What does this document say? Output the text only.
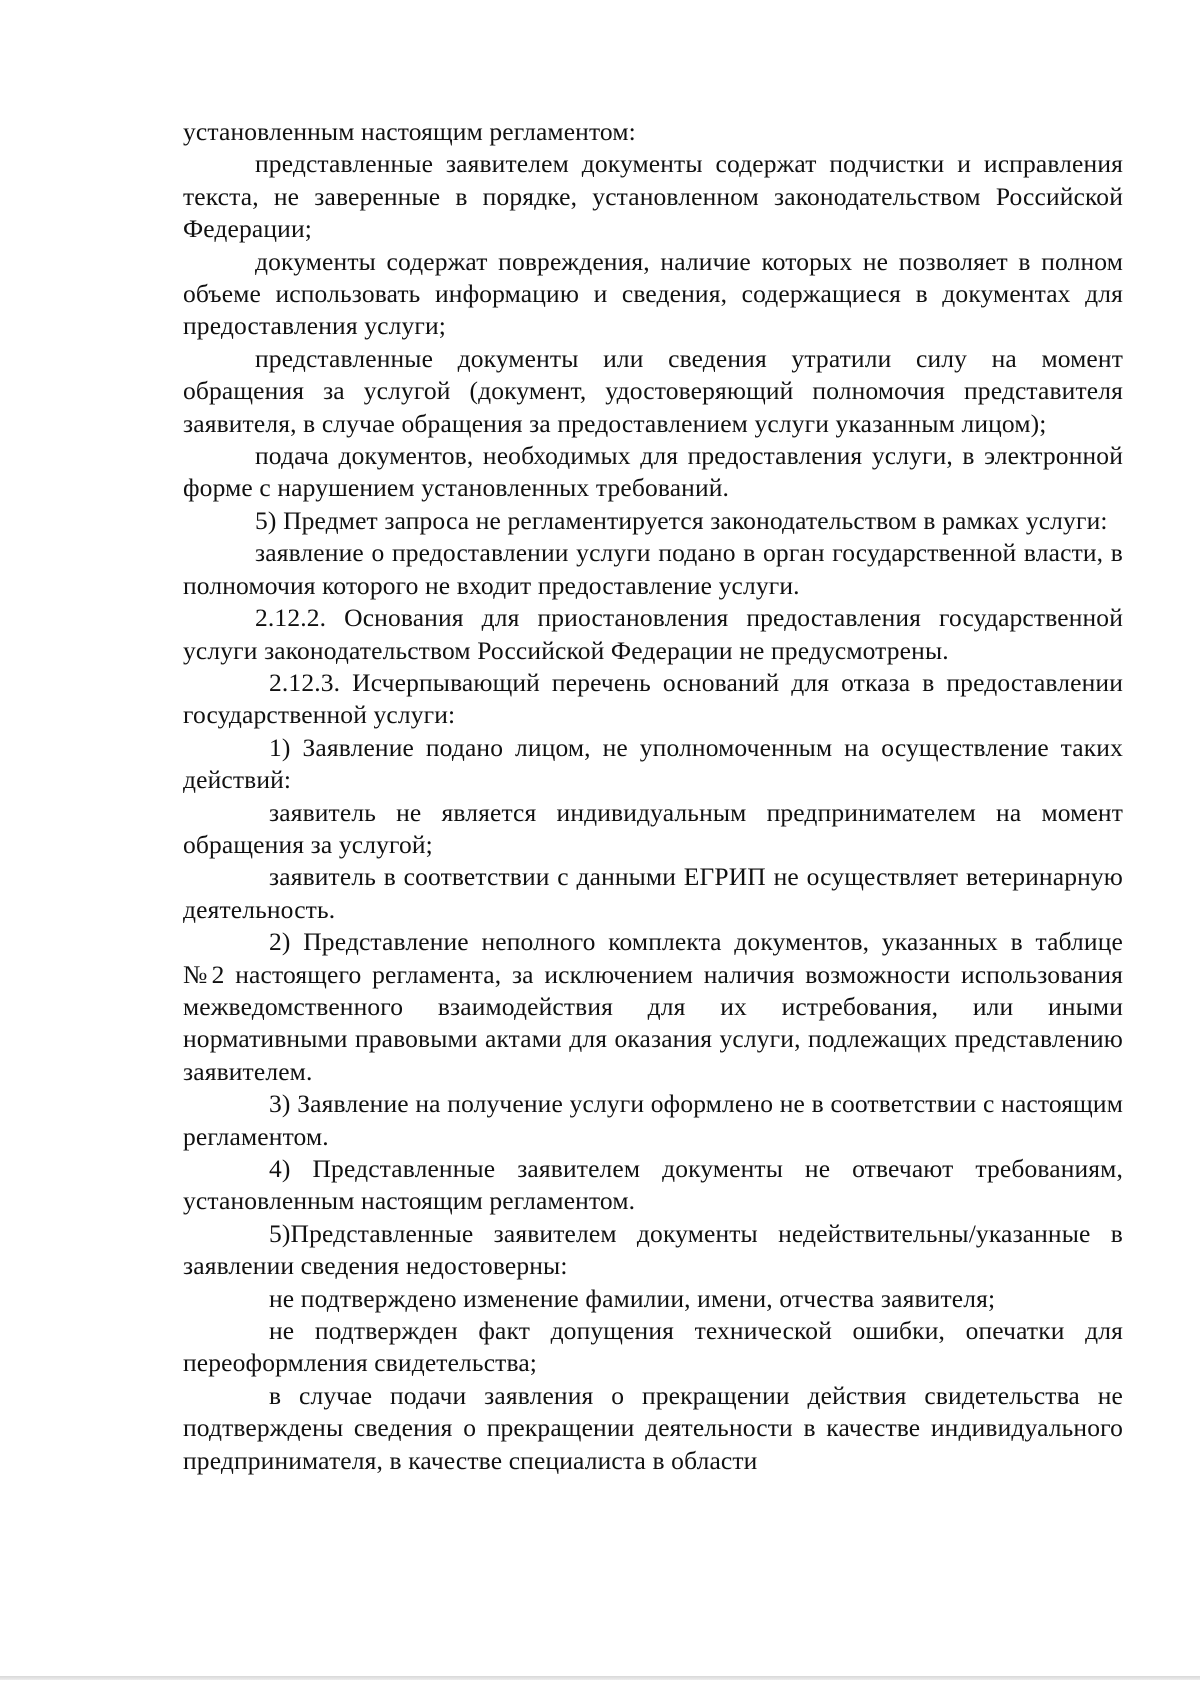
установленным настоящим регламентом:

представленные заявителем документы содержат подчистки и исправления текста, не заверенные в порядке, установленном законодательством Российской Федерации;

документы содержат повреждения, наличие которых не позволяет в полном объеме использовать информацию и сведения, содержащиеся в документах для предоставления услуги;

представленные документы или сведения утратили силу на момент обращения за услугой (документ, удостоверяющий полномочия представителя заявителя, в случае обращения за предоставлением услуги указанным лицом);

подача документов, необходимых для предоставления услуги, в электронной форме с нарушением установленных требований.

5) Предмет запроса не регламентируется законодательством в рамках услуги:

заявление о предоставлении услуги подано в орган государственной власти, в полномочия которого не входит предоставление услуги.

2.12.2. Основания для приостановления предоставления государственной услуги законодательством Российской Федерации не предусмотрены.

2.12.3. Исчерпывающий перечень оснований для отказа в предоставлении государственной услуги:

1) Заявление подано лицом, не уполномоченным на осуществление таких действий:

заявитель не является индивидуальным предпринимателем на момент обращения за услугой;

заявитель в соответствии с данными ЕГРИП не осуществляет ветеринарную деятельность.

2) Представление неполного комплекта документов, указанных в таблице №2 настоящего регламента, за исключением наличия возможности использования межведомственного взаимодействия для их истребования, или иными нормативными правовыми актами для оказания услуги, подлежащих представлению заявителем.

3) Заявление на получение услуги оформлено не в соответствии с настоящим регламентом.

4) Представленные заявителем документы не отвечают требованиям, установленным настоящим регламентом.

5)Представленные заявителем документы недействительны/указанные в заявлении сведения недостоверны:

не подтверждено изменение фамилии, имени, отчества заявителя;

не подтвержден факт допущения технической ошибки, опечатки для переоформления свидетельства;

в случае подачи заявления о прекращении действия свидетельства не подтверждены сведения о прекращении деятельности в качестве индивидуального предпринимателя, в качестве специалиста в области
